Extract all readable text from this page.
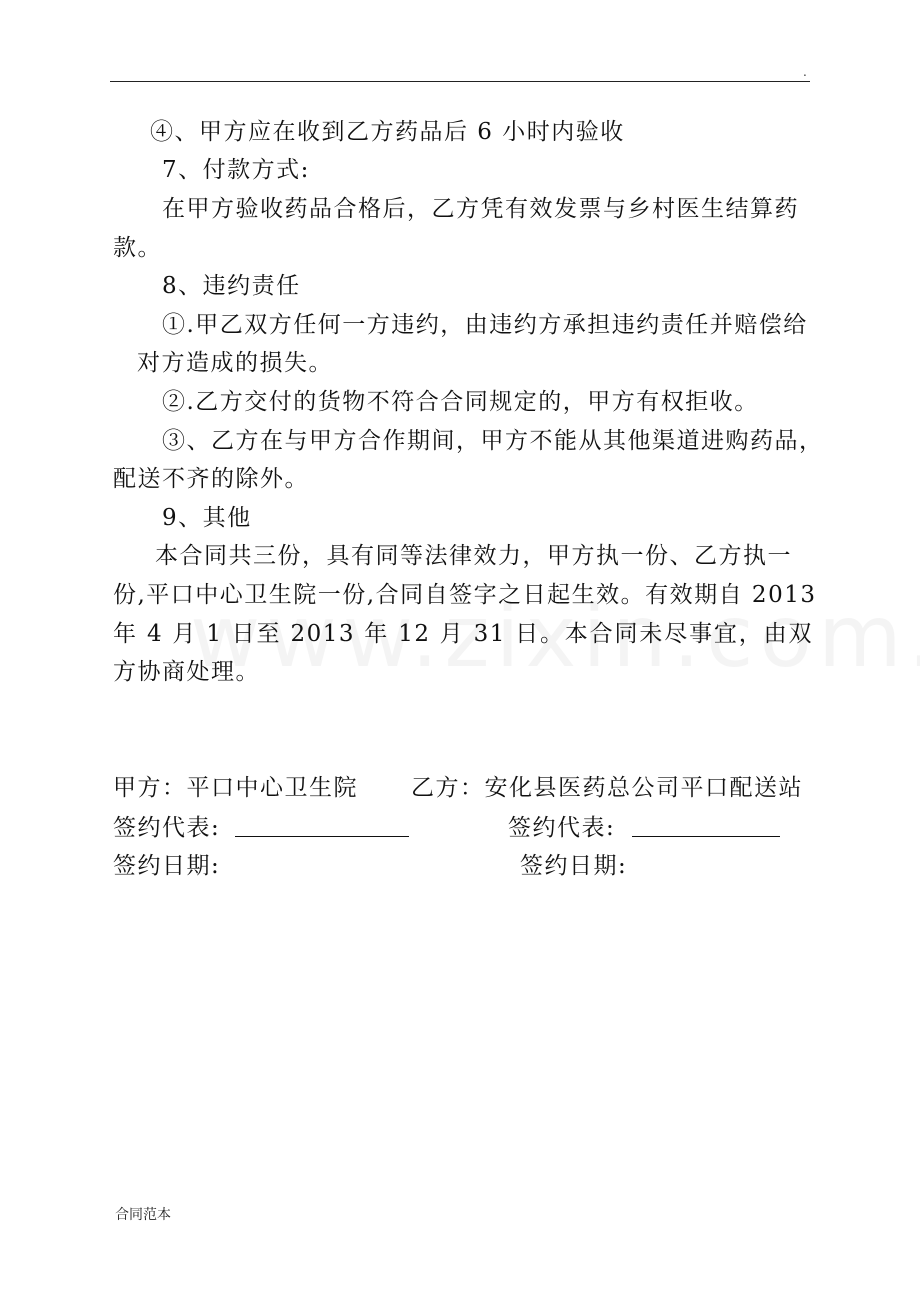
.
④、甲方应在收到乙方药品后 6 小时内验收
7、付款方式:
在甲方验收药品合格后，乙方凭有效发票与乡村医生结算药
款。
8、违约责任
①.甲乙双方任何一方违约，由违约方承担违约责任并赔偿给
对方造成的损失。
②.乙方交付的货物不符合合同规定的，甲方有权拒收。
③、乙方在与甲方合作期间，甲方不能从其他渠道进购药品，
配送不齐的除外。
9、其他
本合同共三份，具有同等法律效力，甲方执一份、乙方执一
份,平口中心卫生院一份,合同自签字之日起生效。有效期自 2013
年 4 月 1 日至 2013 年 12 月 31 日。本合同未尽事宜，由双
方协商处理。
甲方：平口中心卫生院 乙方：安化县医药总公司平口配送站
签约代表:	签约代表:
签约日期:	签约日期:
合同范本
